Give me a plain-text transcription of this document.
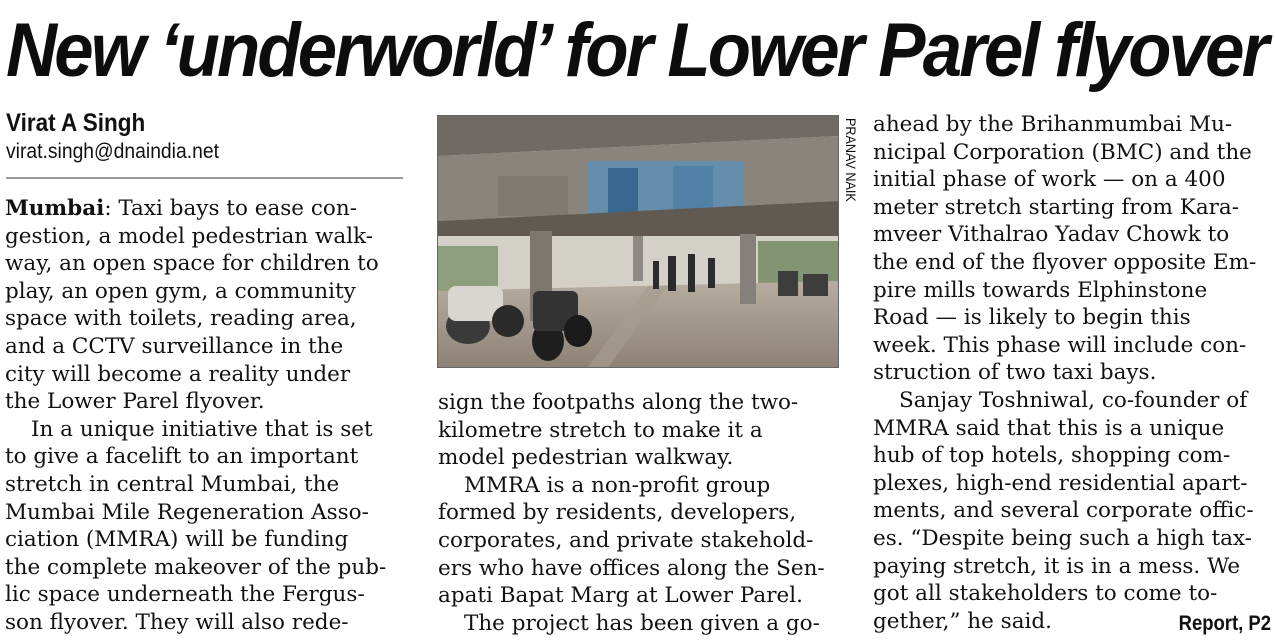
New ‘underworld’ for Lower Parel flyover
Virat A Singh
virat.singh@dnaindia.net

Mumbai: Taxi bays to ease con-

gestion, a model pedestrian walk-

way, an open space for children to

play, an open gym, a community

space with toilets, reading area,

and a CCTV surveillance in the

city will become a reality under

the Lower Parel flyover.

In a unique initiative that is set

to give a facelift to an important

stretch in central Mumbai, the

Mumbai Mile Regeneration Asso-

ciation (MMRA) will be funding

the complete makeover of the pub-

lic space underneath the Fergus-

son flyover. They will also rede-

PRANAV NAIK

sign the footpaths along the two-

kilometre stretch to make it a

model pedestrian walkway.

MMRA is a non-profit group

formed by residents, developers,

corporates, and private stakehold-

ers who have offices along the Sen-

apati Bapat Marg at Lower Parel.

The project has been given a go-

ahead by the Brihanmumbai Mu-

nicipal Corporation (BMC) and the

initial phase of work — on a 400

meter stretch starting from Kara-

mveer Vithalrao Yadav Chowk to

the end of the flyover opposite Em-

pire mills towards Elphinstone

Road — is likely to begin this

week. This phase will include con-

struction of two taxi bays.

Sanjay Toshniwal, co-founder of

MMRA said that this is a unique

hub of top hotels, shopping com-

plexes, high-end residential apart-

ments, and several corporate offic-

es. “Despite being such a high tax-

paying stretch, it is in a mess. We

got all stakeholders to come to-

gether,” he said.	Report, P2
